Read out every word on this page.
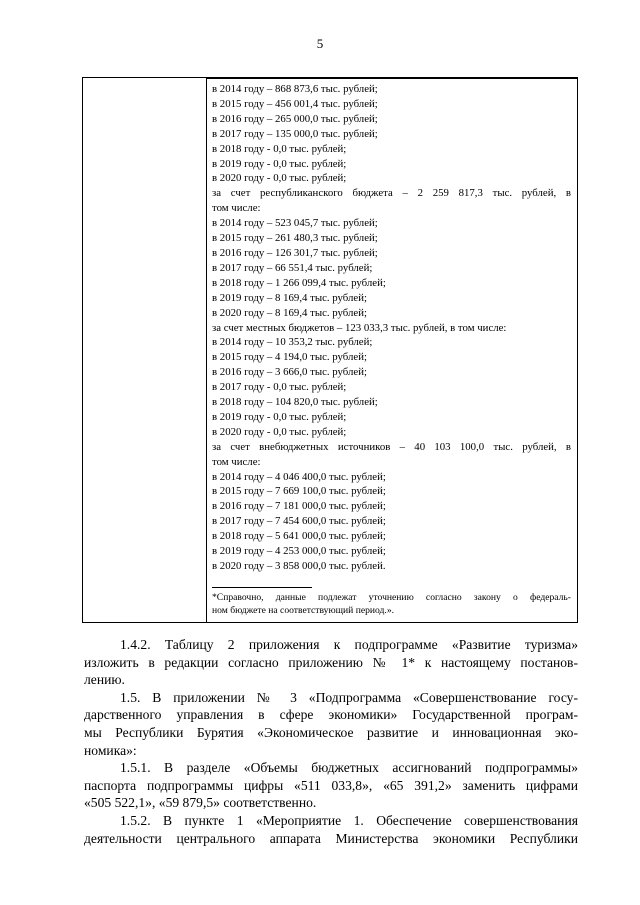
5
в 2014 году – 868 873,6 тыс. рублей;
в 2015 году – 456 001,4 тыс. рублей;
в 2016 году – 265 000,0 тыс. рублей;
в 2017 году – 135 000,0 тыс. рублей;
в 2018 году - 0,0 тыс. рублей;
в 2019 году - 0,0 тыс. рублей;
в 2020 году - 0,0 тыс. рублей;
за счет республиканского бюджета – 2 259 817,3 тыс. рублей, в
том числе:
в 2014 году – 523 045,7 тыс. рублей;
в 2015 году – 261 480,3 тыс. рублей;
в 2016 году – 126 301,7 тыс. рублей;
в 2017 году – 66 551,4 тыс. рублей;
в 2018 году – 1 266 099,4 тыс. рублей;
в 2019 году – 8 169,4 тыс. рублей;
в 2020 году – 8 169,4 тыс. рублей;
за счет местных бюджетов – 123 033,3 тыс. рублей, в том числе:
в 2014 году – 10 353,2 тыс. рублей;
в 2015 году – 4 194,0 тыс. рублей;
в 2016 году – 3 666,0 тыс. рублей;
в 2017 году - 0,0 тыс. рублей;
в 2018 году – 104 820,0 тыс. рублей;
в 2019 году - 0,0 тыс. рублей;
в 2020 году - 0,0 тыс. рублей;
за счет внебюджетных источников – 40 103 100,0 тыс. рублей, в
том числе:
в 2014 году – 4 046 400,0 тыс. рублей;
в 2015 году – 7 669 100,0 тыс. рублей;
в 2016 году – 7 181 000,0 тыс. рублей;
в 2017 году – 7 454 600,0 тыс. рублей;
в 2018 году – 5 641 000,0 тыс. рублей;
в 2019 году – 4 253 000,0 тыс. рублей;
в 2020 году – 3 858 000,0 тыс. рублей.
*Справочно, данные подлежат уточнению согласно закону о федераль-
ном бюджете на соответствующий период.».
1.4.2. Таблицу 2 приложения к подпрограмме «Развитие туризма»
изложить в редакции согласно приложению № 1* к настоящему постанов-
лению.
1.5. В приложении № 3 «Подпрограмма «Совершенствование госу-
дарственного управления в сфере экономики» Государственной програм-
мы Республики Бурятия «Экономическое развитие и инновационная эко-
номика»:
1.5.1. В разделе «Объемы бюджетных ассигнований подпрограммы»
паспорта подпрограммы цифры «511 033,8», «65 391,2» заменить цифрами
«505 522,1», «59 879,5» соответственно.
1.5.2. В пункте 1 «Мероприятие 1. Обеспечение совершенствования
деятельности центрального аппарата Министерства экономики Республики
